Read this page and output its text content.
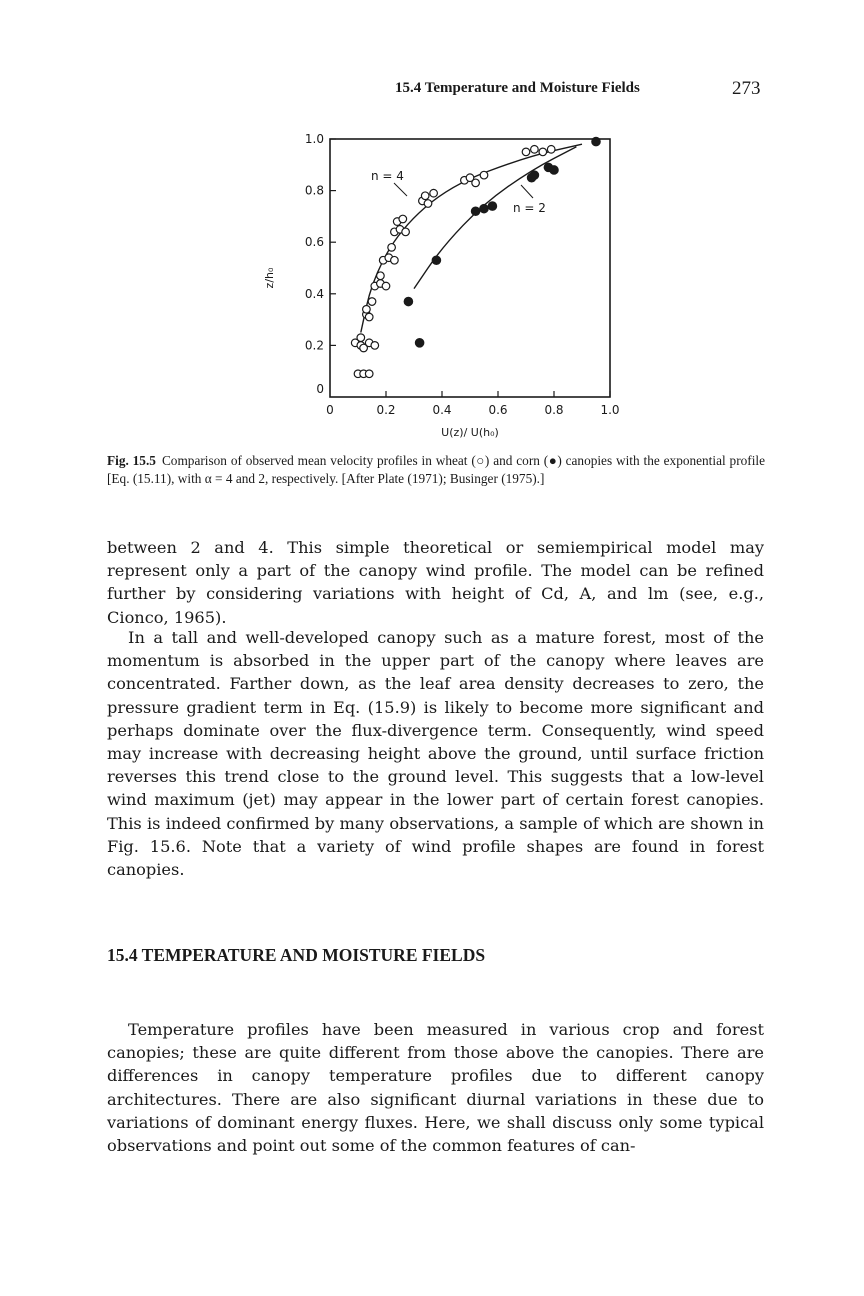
15.4 Temperature and Moisture Fields	273
0	0.2	0.4	0.6	0.8	1.0
0
0.2
0.4
0.6
0.8
1.0
n = 4
n = 2
z/h₀
U(z)/ U(h₀)
Fig. 15.5 Comparison of observed mean velocity profiles in wheat (○) and corn (●) canopies with the exponential profile [Eq. (15.11), with α = 4 and 2, respectively. [After Plate (1971); Businger (1975).]

between 2 and 4. This simple theoretical or semiempirical model may represent only a part of the canopy wind profile. The model can be refined further by considering variations with height of Cd, A, and lm (see, e.g., Cionco, 1965).

In a tall and well-developed canopy such as a mature forest, most of the momentum is absorbed in the upper part of the canopy where leaves are concentrated. Farther down, as the leaf area density decreases to zero, the pressure gradient term in Eq. (15.9) is likely to become more significant and perhaps dominate over the flux-divergence term. Consequently, wind speed may increase with decreasing height above the ground, until surface friction reverses this trend close to the ground level. This suggests that a low-level wind maximum (jet) may appear in the lower part of certain forest canopies. This is indeed confirmed by many observations, a sample of which are shown in Fig. 15.6. Note that a variety of wind profile shapes are found in forest canopies.

15.4 TEMPERATURE AND MOISTURE FIELDS

Temperature profiles have been measured in various crop and forest canopies; these are quite different from those above the canopies. There are differences in canopy temperature profiles due to different canopy architectures. There are also significant diurnal variations in these due to variations of dominant energy fluxes. Here, we shall discuss only some typical observations and point out some of the common features of can-
